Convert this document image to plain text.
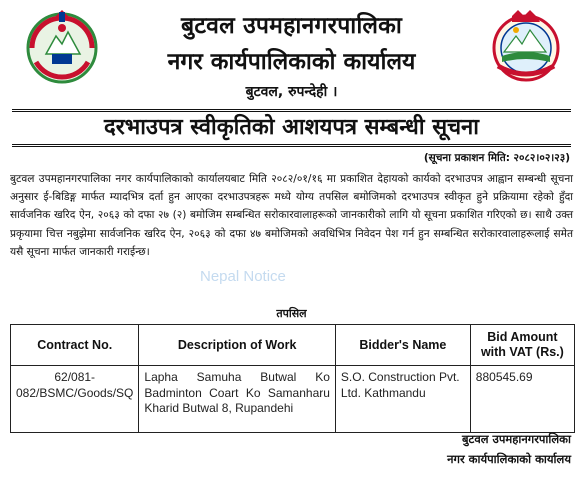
बुटवल उपमहानगरपालिका
नगर कार्यपालिकाको कार्यालय
बुटवल, रुपन्देही ।
दरभाउपत्र स्वीकृतिको आशयपत्र सम्बन्धी सूचना
(सूचना प्रकाशन मिति: २०८२।०२।२३)
बुटवल उपमहानगरपालिका नगर कार्यपालिकाको कार्यालयबाट मिति २०८२/०१/१६ मा प्रकाशित देहायको कार्यको दरभाउपत्र आह्वान सम्बन्धी सूचना अनुसार ई-बिडिङ्ग मार्फत म्यादभित्र दर्ता हुन आएका दरभाउपत्रहरू मध्ये योग्य तपसिल बमोजिमको दरभाउपत्र स्वीकृत हुने प्रक्रियामा रहेको हुँदा सार्वजनिक खरिद ऐन, २०६३ को दफा २७ (२) बमोजिम सम्बन्धित सरोकारवालाहरूको जानकारीको लागि यो सूचना प्रकाशित गरिएको छ। साथै उक्त प्रकृयामा चित्त नबुझेमा सार्वजनिक खरिद ऐन, २०६३ को दफा ४७ बमोजिमको अवधिभित्र निवेदन पेश गर्न हुन सम्बन्धित सरोकारवालाहरूलाई समेत यसै सूचना मार्फत जानकारी गराईन्छ।
Nepal Notice
तपसिल
Contract No.	Description of Work	Bidder's Name	Bid Amount with VAT (Rs.)
62/081-082/BSMC/Goods/SQ	Lapha Samuha Butwal Ko Badminton Coart Ko Samanharu Kharid Butwal 8, Rupandehi	S.O. Construction Pvt. Ltd. Kathmandu	880545.69
बुटवल उपमहानगरपालिका
नगर कार्यपालिकाको कार्यालय
